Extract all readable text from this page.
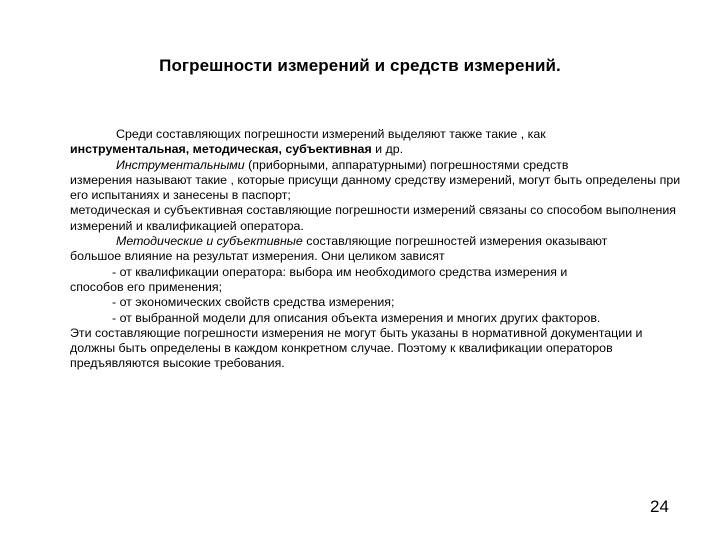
Погрешности измерений и средств измерений.

Среди составляющих погрешности измерений выделяют также такие , как

инструментальная, методическая, субъективная и др.

Инструментальными (приборными, аппаратурными) погрешностями средств

измерения называют такие , которые присущи данному средству измерений, могут быть определены при его испытаниях и занесены в паспорт;

методическая и субъективная составляющие погрешности измерений связаны со способом выполнения измерений и квалификацией оператора.

Методические и субъективные составляющие погрешностей измерения оказывают

большое влияние на результат измерения. Они целиком зависят

- от квалификации оператора: выбора им необходимого средства измерения и

способов его применения;

- от экономических свойств средства измерения;

- от выбранной модели для описания объекта измерения и многих других факторов.

Эти составляющие погрешности измерения не могут быть указаны в нормативной документации и должны быть определены в каждом конкретном случае. Поэтому к квалификации операторов предъявляются высокие требования.

24
